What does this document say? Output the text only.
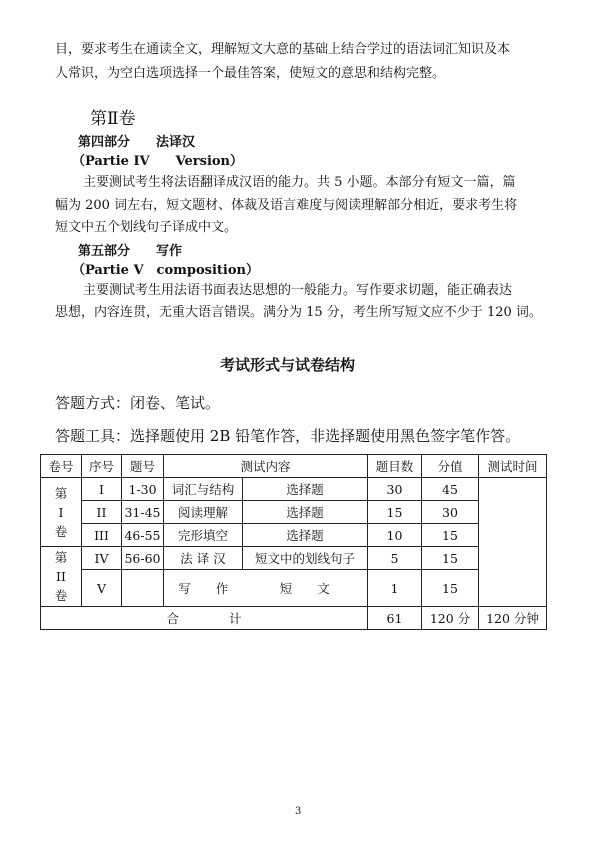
目，要求考生在通读全文，理解短文大意的基础上结合学过的语法词汇知识及本
人常识，为空白选项选择一个最佳答案，使短文的意思和结构完整。
第Ⅱ卷
第四部分　　法译汉
（Partie IV　　Version）
主要测试考生将法语翻译成汉语的能力。共 5 小题。本部分有短文一篇，篇
幅为 200 词左右，短文题材、体裁及语言难度与阅读理解部分相近，要求考生将
短文中五个划线句子译成中文。
第五部分　　写作
（Partie V　composition）
主要测试考生用法语书面表达思想的一般能力。写作要求切题，能正确表达
思想，内容连贯，无重大语言错误。满分为 15 分，考生所写短文应不少于 120 词。
考试形式与试卷结构
答题方式：闭卷、笔试。
答题工具：选择题使用 2B 铅笔作答，非选择题使用黑色签字笔作答。
卷号	序号	题号	测试内容		题目数	分值	测试时间

第
I
卷	I	1-30	词汇与结构	选择题	30	45	
	II	31-45	阅读理解	选择题	15	30	
	III	46-55	完形填空	选择题	10	15	

第
II
卷	IV	56-60	法 译 汉	短文中的划线句子	5	15	
	V		写　　作	短　　文	1	15	
合　　　　计					61	120 分	120 分钟
3
